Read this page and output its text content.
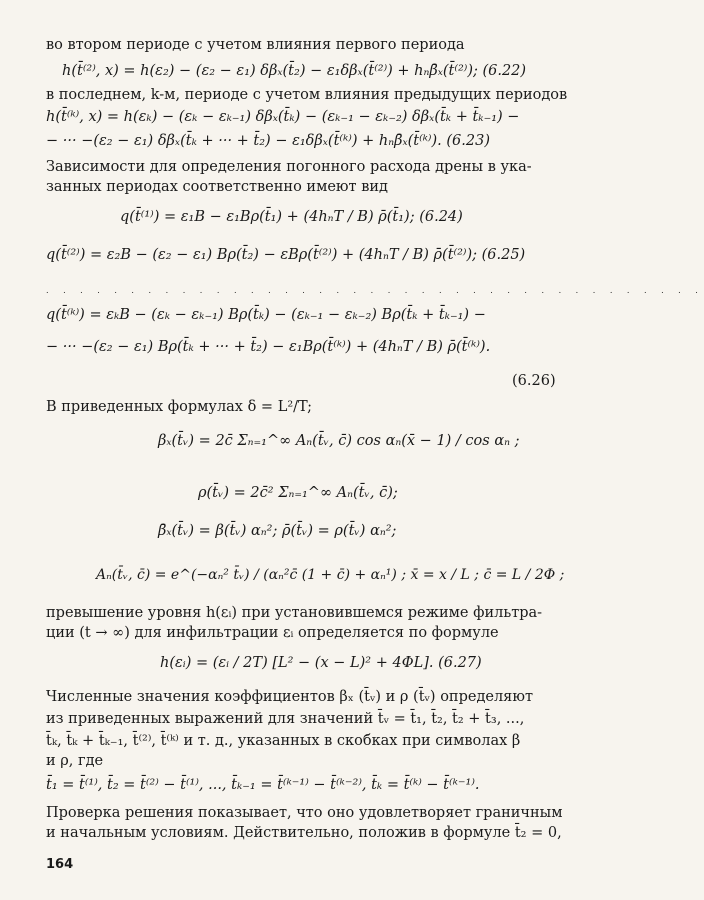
во втором периоде с учетом влияния первого периода
h(t̄⁽²⁾, x) = h(ε₂) − (ε₂ − ε₁) δβₓ(t̄₂) − ε₁δβₓ(t̄⁽²⁾) + hₙβ̄ₓ(t̄⁽²⁾); (6.22)
в последнем, k-м, периоде с учетом влияния предыдущих периодов
h(t̄⁽ᵏ⁾, x) = h(εₖ) − (εₖ − εₖ₋₁) δβₓ(t̄ₖ) − (εₖ₋₁ − εₖ₋₂) δβₓ(t̄ₖ + t̄ₖ₋₁) −
− ··· −(ε₂ − ε₁) δβₓ(t̄ₖ + ··· + t̄₂) − ε₁δβₓ(t̄⁽ᵏ⁾) + hₙβ̄ₓ(t̄⁽ᵏ⁾). (6.23)
Зависимости для определения погонного расхода дрены в ука-
занных периодах соответственно имеют вид
q(t̄⁽¹⁾) = ε₁B − ε₁Bρ(t̄₁) + (4hₙT / B) ρ̄(t̄₁); (6.24)
q(t̄⁽²⁾) = ε₂B − (ε₂ − ε₁) Bρ(t̄₂) − εBρ(t̄⁽²⁾) + (4hₙT / B) ρ̄(t̄⁽²⁾); (6.25)
. . . . . . . . . . . . . . . . . . . . . . . . . . . . . . . . . . . . . . .
q(t̄⁽ᵏ⁾) = εₖB − (εₖ − εₖ₋₁) Bρ(t̄ₖ) − (εₖ₋₁ − εₖ₋₂) Bρ(t̄ₖ + t̄ₖ₋₁) −
− ··· −(ε₂ − ε₁) Bρ(t̄ₖ + ··· + t̄₂) − ε₁Bρ(t̄⁽ᵏ⁾) + (4hₙT / B) ρ̄(t̄⁽ᵏ⁾).
(6.26)
В приведенных формулах δ = L²/T;
βₓ(t̄ᵥ) = 2c̄ Σₙ₌₁^∞ Aₙ(t̄ᵥ, c̄) cos αₙ(x̄ − 1) / cos αₙ ;
ρ(t̄ᵥ) = 2c̄² Σₙ₌₁^∞ Aₙ(t̄ᵥ, c̄);
β̄ₓ(t̄ᵥ) = β(t̄ᵥ) αₙ²; ρ̄(t̄ᵥ) = ρ(t̄ᵥ) αₙ²;
Aₙ(t̄ᵥ, c̄) = e^(−αₙ² t̄ᵥ) / (αₙ²c̄ (1 + c̄) + αₙ¹) ; x̄ = x / L ; c̄ = L / 2Φ ;
превышение уровня h(εᵢ) при установившемся режиме фильтра-
ции (t → ∞) для инфильтрации εᵢ определяется по формуле
h(εᵢ) = (εᵢ / 2T) [L² − (x − L)² + 4ΦL]. (6.27)
Численные значения коэффициентов βₓ (t̄ᵥ) и ρ (t̄ᵥ) определяют
из приведенных выражений для значений t̄ᵥ = t̄₁, t̄₂, t̄₂ + t̄₃, ...,
t̄ₖ, t̄ₖ + t̄ₖ₋₁, t̄⁽²⁾, t̄⁽ᵏ⁾ и т. д., указанных в скобках при символах β
и ρ, где
t̄₁ = t̄⁽¹⁾, t̄₂ = t̄⁽²⁾ − t̄⁽¹⁾, ..., t̄ₖ₋₁ = t̄⁽ᵏ⁻¹⁾ − t̄⁽ᵏ⁻²⁾, t̄ₖ = t̄⁽ᵏ⁾ − t̄⁽ᵏ⁻¹⁾.
Проверка решения показывает, что оно удовлетворяет граничным
и начальным условиям. Действительно, положив в формуле t̄₂ = 0,
164
